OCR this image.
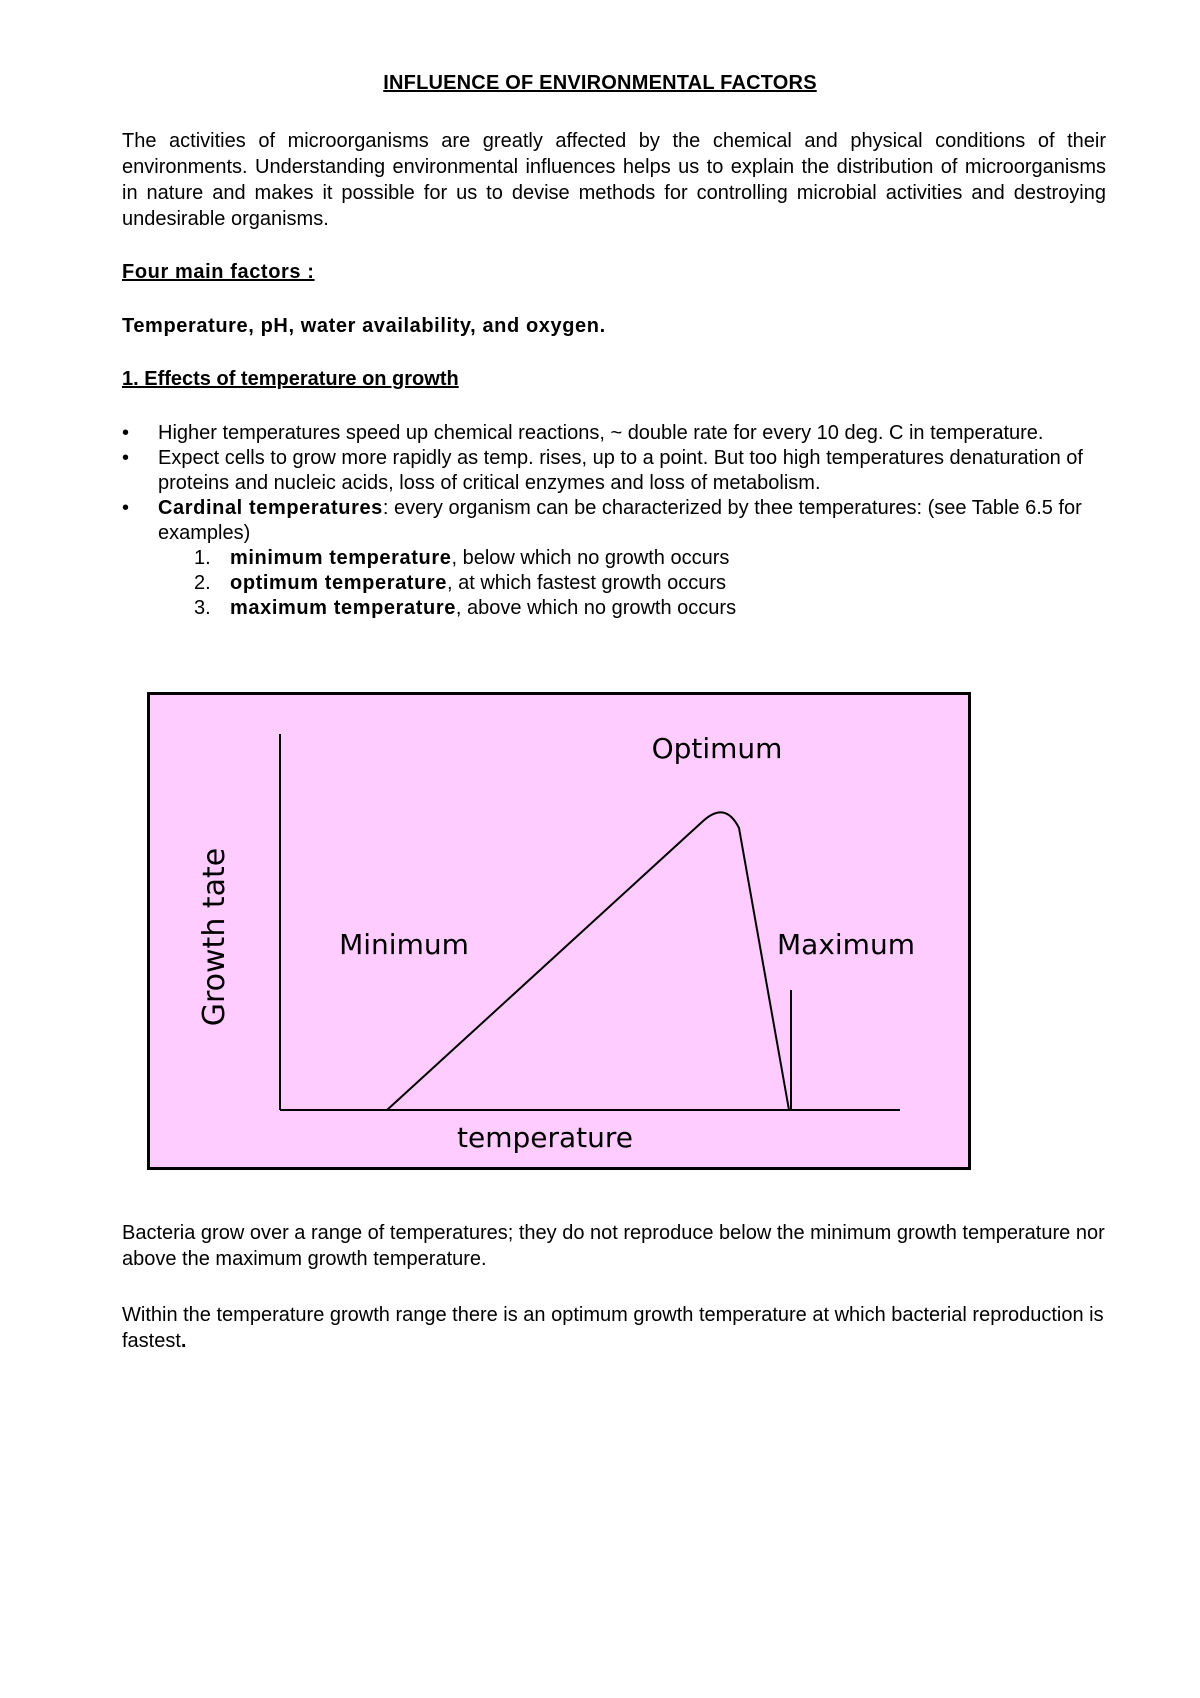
INFLUENCE OF ENVIRONMENTAL FACTORS

The activities of microorganisms are greatly affected by the chemical and physical conditions of their environments. Understanding environmental influences helps us to explain the distribution of microorganisms in nature and makes it possible for us to devise methods for controlling microbial activities and destroying undesirable organisms.

Four main factors :

Temperature, pH, water availability, and oxygen.

1. Effects of temperature on growth

•	Higher temperatures speed up chemical reactions, ~ double rate for every 10 deg. C in temperature.
•	Expect cells to grow more rapidly as temp. rises, up to a point. But too high temperatures denaturation of proteins and nucleic acids, loss of critical enzymes and loss of metabolism.
•	Cardinal temperatures: every organism can be characterized by thee temperatures: (see Table 6.5 for examples)
1. minimum temperature, below which no growth occurs
2. optimum temperature, at which fastest growth occurs
3. maximum temperature, above which no growth occurs
Growth tate
temperature
Optimum
Minimum	Maximum

Bacteria grow over a range of temperatures; they do not reproduce below the minimum growth temperature nor above the maximum growth temperature.

Within the temperature growth range there is an optimum growth temperature at which bacterial reproduction is fastest.
